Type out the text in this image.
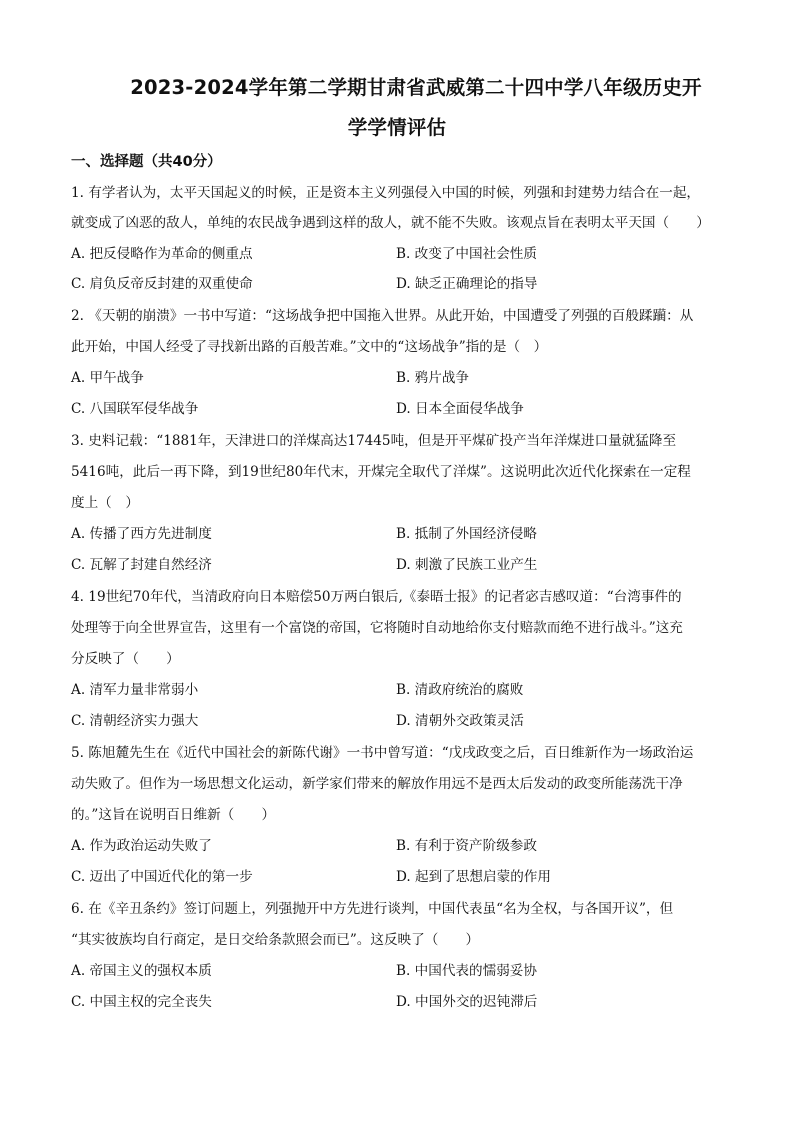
2023-2024学年第二学期甘肃省武威第二十四中学八年级历史开
学学情评估
一、选择题（共40分）
1. 有学者认为，太平天国起义的时候，正是资本主义列强侵入中国的时候，列强和封建势力结合在一起，
就变成了凶恶的敌人，单纯的农民战争遇到这样的敌人，就不能不失败。该观点旨在表明太平天国（　　）
A. 把反侵略作为革命的侧重点	B. 改变了中国社会性质
C. 肩负反帝反封建的双重使命	D. 缺乏正确理论的指导
2. 《天朝的崩溃》一书中写道：“这场战争把中国拖入世界。从此开始，中国遭受了列强的百般蹂躏：从
此开始，中国人经受了寻找新出路的百般苦难。”文中的“这场战争”指的是（　）
A. 甲午战争	B. 鸦片战争
C. 八国联军侵华战争	D. 日本全面侵华战争
3. 史料记载：“1881年，天津进口的洋煤高达17445吨，但是开平煤矿投产当年洋煤进口量就猛降至
5416吨，此后一再下降，到19世纪80年代末，开煤完全取代了洋煤”。这说明此次近代化探索在一定程
度上（　）
A. 传播了西方先进制度	B. 抵制了外国经济侵略
C. 瓦解了封建自然经济	D. 刺激了民族工业产生
4. 19世纪70年代，当清政府向日本赔偿50万两白银后,《泰晤士报》的记者宓吉感叹道：“台湾事件的
处理等于向全世界宣告，这里有一个富饶的帝国，它将随时自动地给你支付赔款而绝不进行战斗。”这充
分反映了（　　）
A. 清军力量非常弱小	B. 清政府统治的腐败
C. 清朝经济实力强大	D. 清朝外交政策灵活
5. 陈旭麓先生在《近代中国社会的新陈代谢》一书中曾写道：“戊戌政变之后，百日维新作为一场政治运
动失败了。但作为一场思想文化运动，新学家们带来的解放作用远不是西太后发动的政变所能荡洗干净
的。”这旨在说明百日维新（　　）
A. 作为政治运动失败了	B. 有利于资产阶级参政
C. 迈出了中国近代化的第一步	D. 起到了思想启蒙的作用
6. 在《辛丑条约》签订问题上，列强抛开中方先进行谈判，中国代表虽“名为全权，与各国开议”，但
“其实彼族均自行商定，是日交给条款照会而已”。这反映了（　　）
A. 帝国主义的强权本质	B. 中国代表的懦弱妥协
C. 中国主权的完全丧失	D. 中国外交的迟钝滞后
